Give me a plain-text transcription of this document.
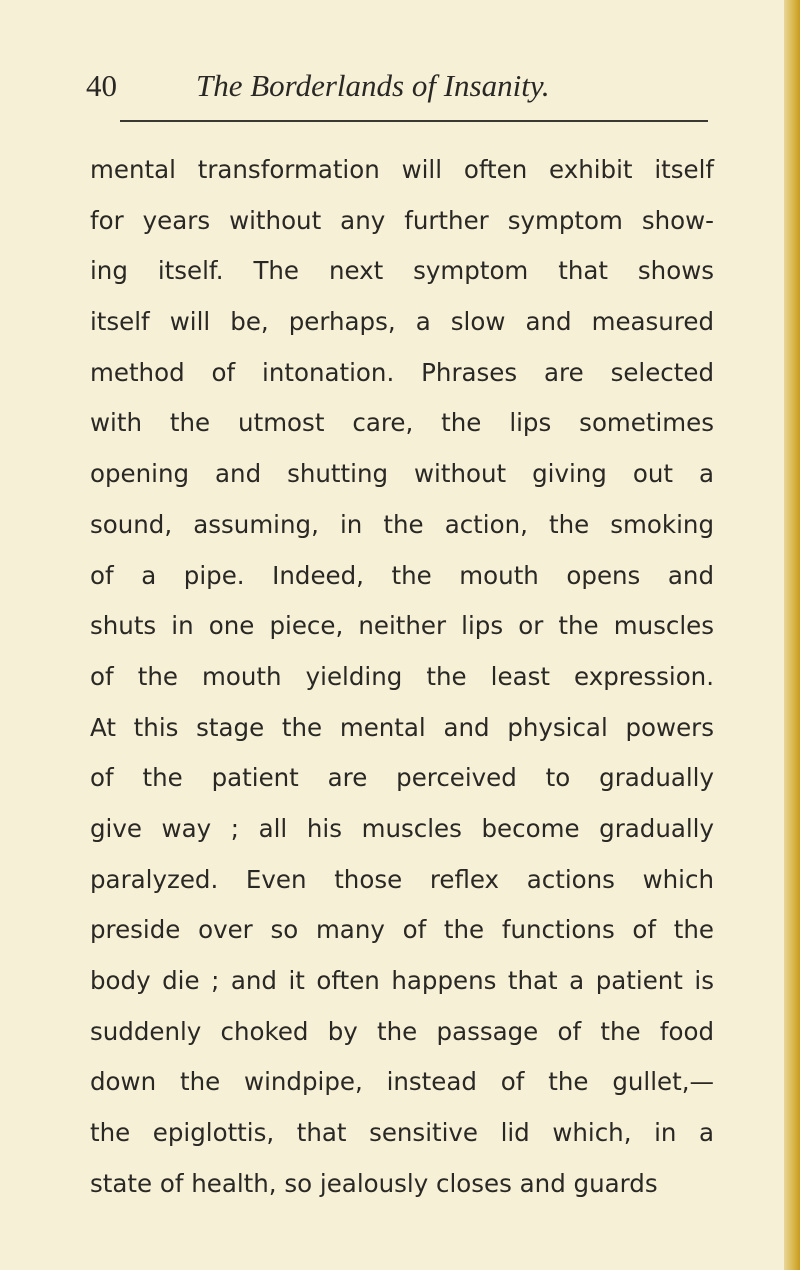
40	The Borderlands of Insanity.
mental transformation will often exhibit itself
for years without any further symptom show-
ing itself. The next symptom that shows
itself will be, perhaps, a slow and measured
method of intonation. Phrases are selected
with the utmost care, the lips sometimes
opening and shutting without giving out a
sound, assuming, in the action, the smoking
of a pipe. Indeed, the mouth opens and
shuts in one piece, neither lips or the muscles
of the mouth yielding the least expression.
At this stage the mental and physical powers
of the patient are perceived to gradually
give way ; all his muscles become gradually
paralyzed. Even those reflex actions which
preside over so many of the functions of the
body die ; and it often happens that a patient is
suddenly choked by the passage of the food
down the windpipe, instead of the gullet,—
the epiglottis, that sensitive lid which, in a
state of health, so jealously closes and guards
